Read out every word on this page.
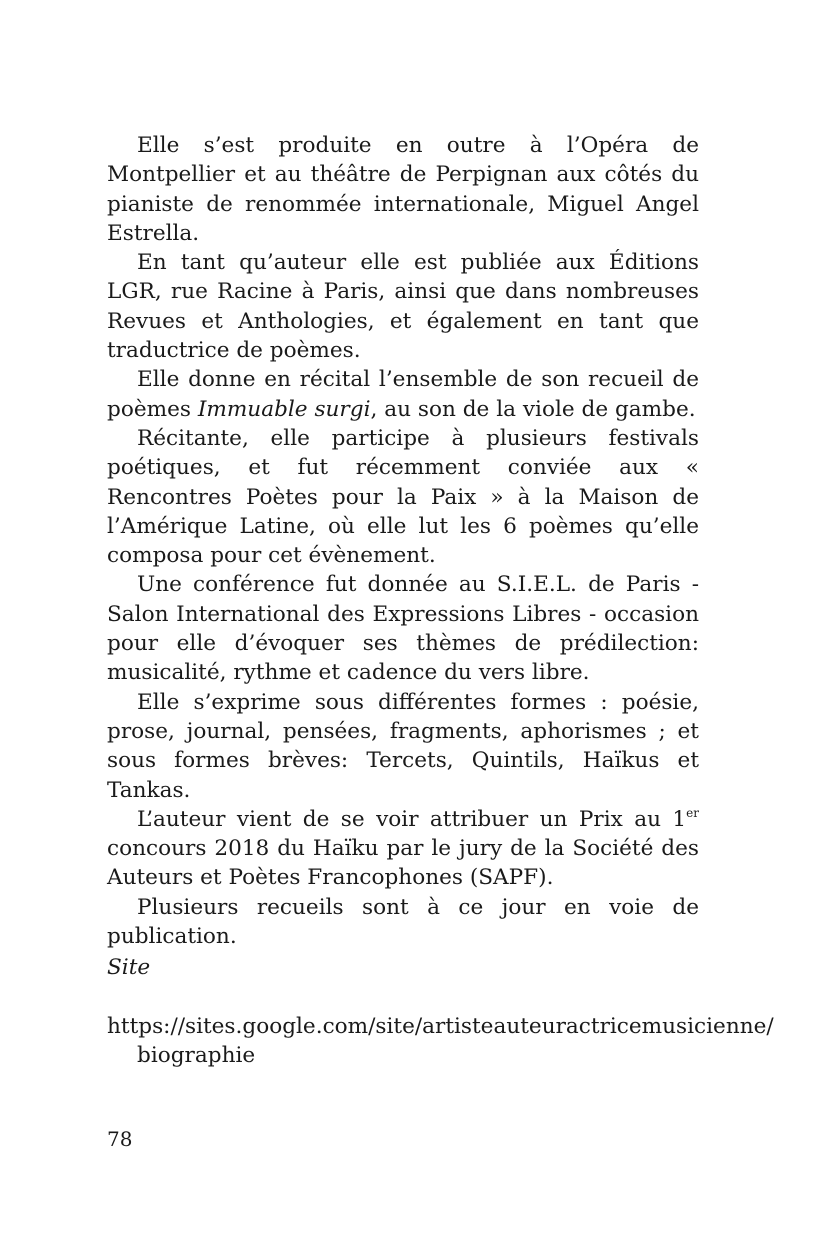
Elle s’est produite en outre à l’Opéra de Montpellier et au théâtre de Perpignan aux côtés du pianiste de renommée internationale, Miguel Angel Estrella.

En tant qu’auteur elle est publiée aux Éditions LGR, rue Racine à Paris, ainsi que dans nombreuses Revues et Anthologies, et également en tant que traductrice de poèmes.

Elle donne en récital l’ensemble de son recueil de poèmes Immuable surgi, au son de la viole de gambe.

Récitante, elle participe à plusieurs festivals poétiques, et fut récemment conviée aux « Rencontres Poètes pour la Paix » à la Maison de l’Amérique Latine, où elle lut les 6 poèmes qu’elle composa pour cet évènement.

Une conférence fut donnée au S.I.E.L. de Paris - Salon International des Expressions Libres - occasion pour elle d’évoquer ses thèmes de prédilection: musicalité, rythme et cadence du vers libre.

Elle s’exprime sous différentes formes : poésie, prose, journal, pensées, fragments, aphorismes ; et sous formes brèves: Tercets, Quintils, Haïkus et Tankas.

L’auteur vient de se voir attribuer un Prix au 1er concours 2018 du Haïku par le jury de la Société des Auteurs et Poètes Francophones (SAPF).

Plusieurs recueils sont à ce jour en voie de publication.

Site

https://sites.google.com/site/artisteauteuractricemusicienne/
biographie

78
